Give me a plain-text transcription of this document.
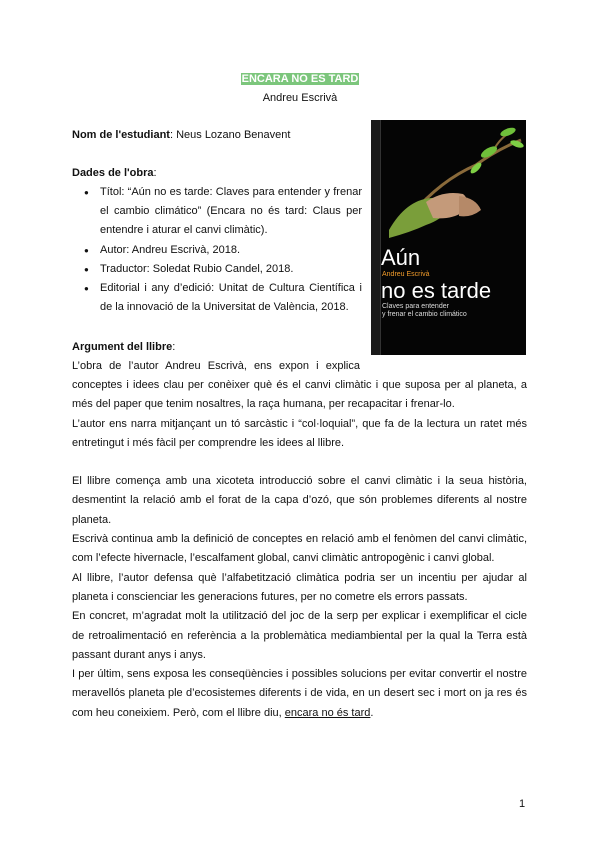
ENCARA NO ES TARD
Andreu Escrivà
Nom de l'estudiant: Neus Lozano Benavent
Dades de l'obra:
● Títol: “Aún no es tarde: Claves para entender y frenar el cambio climático” (Encara no és tard: Claus per entendre i aturar el canvi climàtic).
● Autor: Andreu Escrivà, 2018.
● Traductor: Soledat Rubio Candel, 2018.
● Editorial i any d’edició: Unitat de Cultura Científica i de la innovació de la Universitat de València, 2018.
Aún
Andreu Escrivà
no es tarde
Claves para entender
y frenar el cambio climático
Argument del llibre:

L’obra de l’autor Andreu Escrivà, ens expon i explica

conceptes i idees clau per conèixer què és el canvi climàtic i que suposa per al planeta, a més del paper que tenim nosaltres, la raça humana, per recapacitar i frenar-lo.

L’autor ens narra mitjançant un tó sarcàstic i “col·loquial”, que fa de la lectura un ratet més entretingut i més fàcil per comprendre les idees al llibre.

El llibre comença amb una xicoteta introducció sobre el canvi climàtic i la seua història, desmentint la relació amb el forat de la capa d’ozó, que són problemes diferents al nostre planeta.

Escrivà continua amb la definició de conceptes en relació amb el fenòmen del canvi climàtic, com l’efecte hivernacle, l’escalfament global, canvi climàtic antropogènic i canvi global.

Al llibre, l’autor defensa què l’alfabetització climàtica podria ser un incentiu per ajudar al planeta i conscienciar les generacions futures, per no cometre els errors passats.

En concret, m’agradat molt la utilització del joc de la serp per explicar i exemplificar el cicle de retroalimentació en referència a la problemàtica mediambiental per la qual la Terra està passant durant anys i anys.

I per últim, sens exposa les conseqüències i possibles solucions per evitar convertir el nostre meravellós planeta ple d’ecosistemes diferents i de vida, en un desert sec i mort on ja res és com heu coneixiem. Però, com el llibre diu, encara no és tard.

1
